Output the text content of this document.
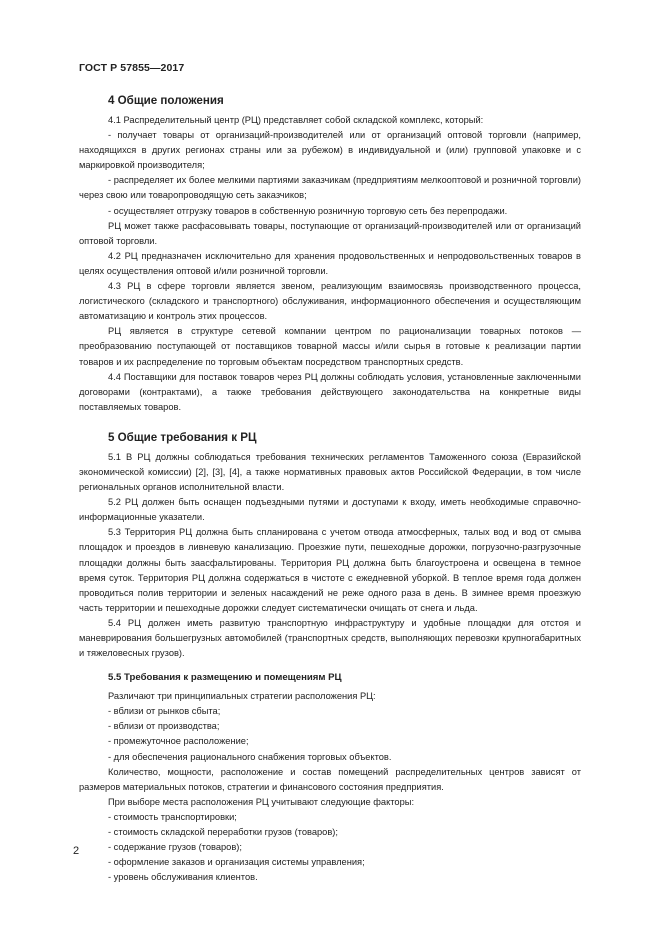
ГОСТ Р 57855—2017
4 Общие положения

4.1 Распределительный центр (РЦ) представляет собой складской комплекс, который:

- получает товары от организаций-производителей или от организаций оптовой торговли (например, находящихся в других регионах страны или за рубежом) в индивидуальной и (или) групповой упаковке и с маркировкой производителя;

- распределяет их более мелкими партиями заказчикам (предприятиям мелкооптовой и розничной торговли) через свою или товаропроводящую сеть заказчиков;

- осуществляет отгрузку товаров в собственную розничную торговую сеть без перепродажи.

РЦ может также расфасовывать товары, поступающие от организаций-производителей или от организаций оптовой торговли.

4.2 РЦ предназначен исключительно для хранения продовольственных и непродовольственных товаров в целях осуществления оптовой и/или розничной торговли.

4.3 РЦ в сфере торговли является звеном, реализующим взаимосвязь производственного процесса, логистического (складского и транспортного) обслуживания, информационного обеспечения и осуществляющим автоматизацию и контроль этих процессов.

РЦ является в структуре сетевой компании центром по рационализации товарных потоков — преобразованию поступающей от поставщиков товарной массы и/или сырья в готовые к реализации партии товаров и их распределение по торговым объектам посредством транспортных средств.

4.4 Поставщики для поставок товаров через РЦ должны соблюдать условия, установленные заключенными договорами (контрактами), а также требования действующего законодательства на конкретные виды поставляемых товаров.

5 Общие требования к РЦ

5.1 В РЦ должны соблюдаться требования технических регламентов Таможенного союза (Евразийской экономической комиссии) [2], [3], [4], а также нормативных правовых актов Российской Федерации, в том числе региональных органов исполнительной власти.

5.2 РЦ должен быть оснащен подъездными путями и доступами к входу, иметь необходимые справочно-информационные указатели.

5.3 Территория РЦ должна быть спланирована с учетом отвода атмосферных, талых вод и вод от смыва площадок и проездов в ливневую канализацию. Проезжие пути, пешеходные дорожки, погрузочно-разгрузочные площадки должны быть заасфальтированы. Территория РЦ должна быть благоустроена и освещена в темное время суток. Территория РЦ должна содержаться в чистоте с ежедневной уборкой. В теплое время года должен проводиться полив территории и зеленых насаждений не реже одного раза в день. В зимнее время проезжую часть территории и пешеходные дорожки следует систематически очищать от снега и льда.

5.4 РЦ должен иметь развитую транспортную инфраструктуру и удобные площадки для отстоя и маневрирования большегрузных автомобилей (транспортных средств, выполняющих перевозки крупногабаритных и тяжеловесных грузов).

5.5 Требования к размещению и помещениям РЦ

Различают три принципиальных стратегии расположения РЦ:

- вблизи от рынков сбыта;

- вблизи от производства;

- промежуточное расположение;

- для обеспечения рационального снабжения торговых объектов.

Количество, мощности, расположение и состав помещений распределительных центров зависят от размеров материальных потоков, стратегии и финансового состояния предприятия.

При выборе места расположения РЦ учитывают следующие факторы:

- стоимость транспортировки;

- стоимость складской переработки грузов (товаров);

- содержание грузов (товаров);

- оформление заказов и организация системы управления;

- уровень обслуживания клиентов.

2
